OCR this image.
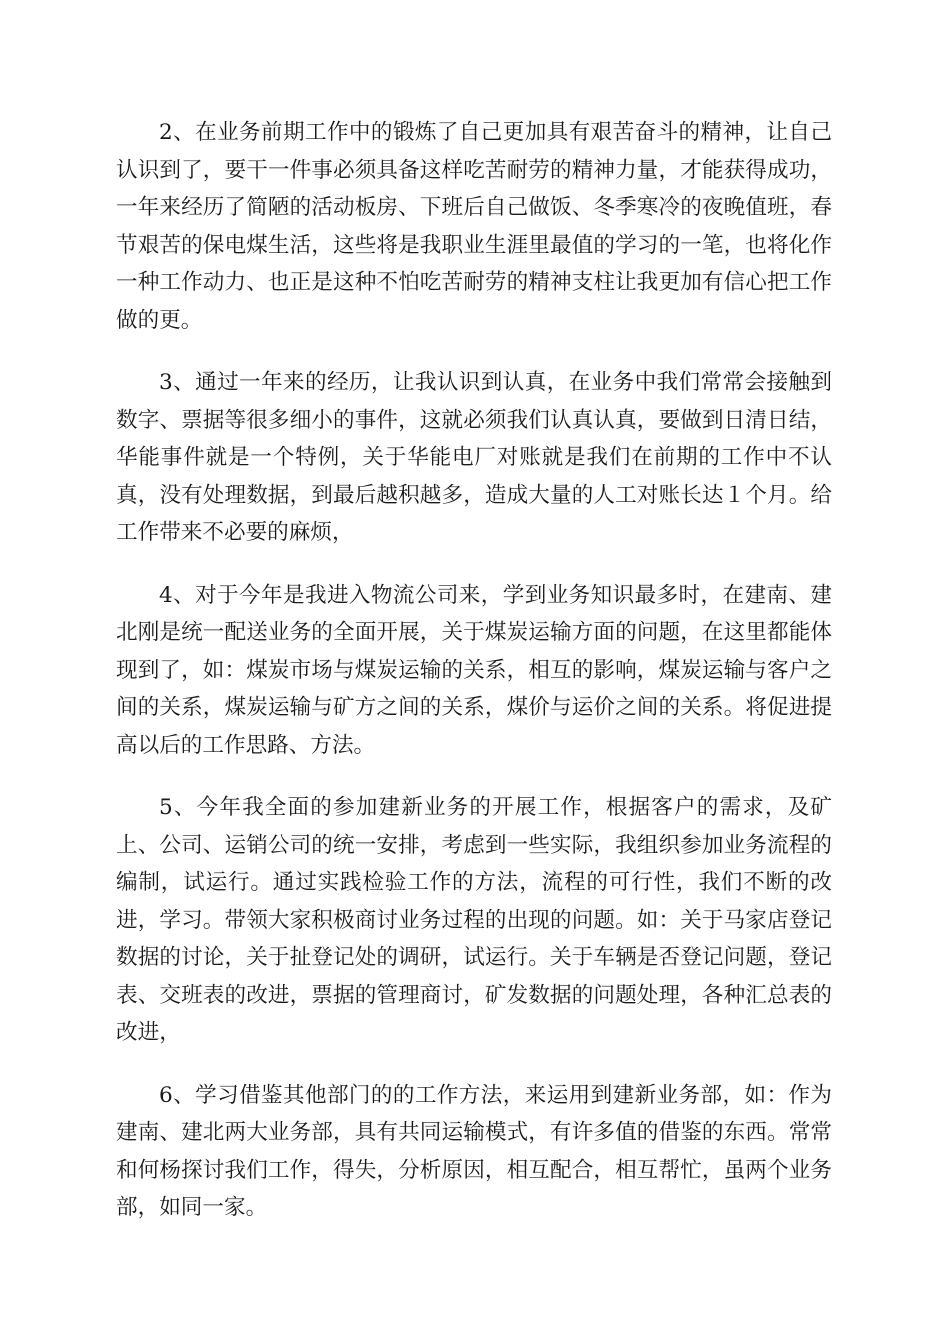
2、在业务前期工作中的锻炼了自己更加具有艰苦奋斗的精神，让自己认识到了，要干一件事必须具备这样吃苦耐劳的精神力量，才能获得成功，一年来经历了简陋的活动板房、下班后自己做饭、冬季寒冷的夜晚值班，春节艰苦的保电煤生活，这些将是我职业生涯里最值的学习的一笔，也将化作一种工作动力、也正是这种不怕吃苦耐劳的精神支柱让我更加有信心把工作做的更。

3、通过一年来的经历，让我认识到认真，在业务中我们常常会接触到数字、票据等很多细小的事件，这就必须我们认真认真，要做到日清日结，华能事件就是一个特例，关于华能电厂对账就是我们在前期的工作中不认真，没有处理数据，到最后越积越多，造成大量的人工对账长达１个月。给工作带来不必要的麻烦，

4、对于今年是我进入物流公司来，学到业务知识最多时，在建南、建北刚是统一配送业务的全面开展，关于煤炭运输方面的问题，在这里都能体现到了，如：煤炭市场与煤炭运输的关系，相互的影响，煤炭运输与客户之间的关系，煤炭运输与矿方之间的关系，煤价与运价之间的关系。将促进提高以后的工作思路、方法。

5、今年我全面的参加建新业务的开展工作，根据客户的需求，及矿上、公司、运销公司的统一安排，考虑到一些实际，我组织参加业务流程的编制，试运行。通过实践检验工作的方法，流程的可行性，我们不断的改进，学习。带领大家积极商讨业务过程的出现的问题。如：关于马家店登记数据的讨论，关于扯登记处的调研，试运行。关于车辆是否登记问题，登记表、交班表的改进，票据的管理商讨，矿发数据的问题处理，各种汇总表的改进，

6、学习借鉴其他部门的的工作方法，来运用到建新业务部，如：作为建南、建北两大业务部，具有共同运输模式，有许多值的借鉴的东西。常常和何杨探讨我们工作，得失，分析原因，相互配合，相互帮忙，虽两个业务部，如同一家。
